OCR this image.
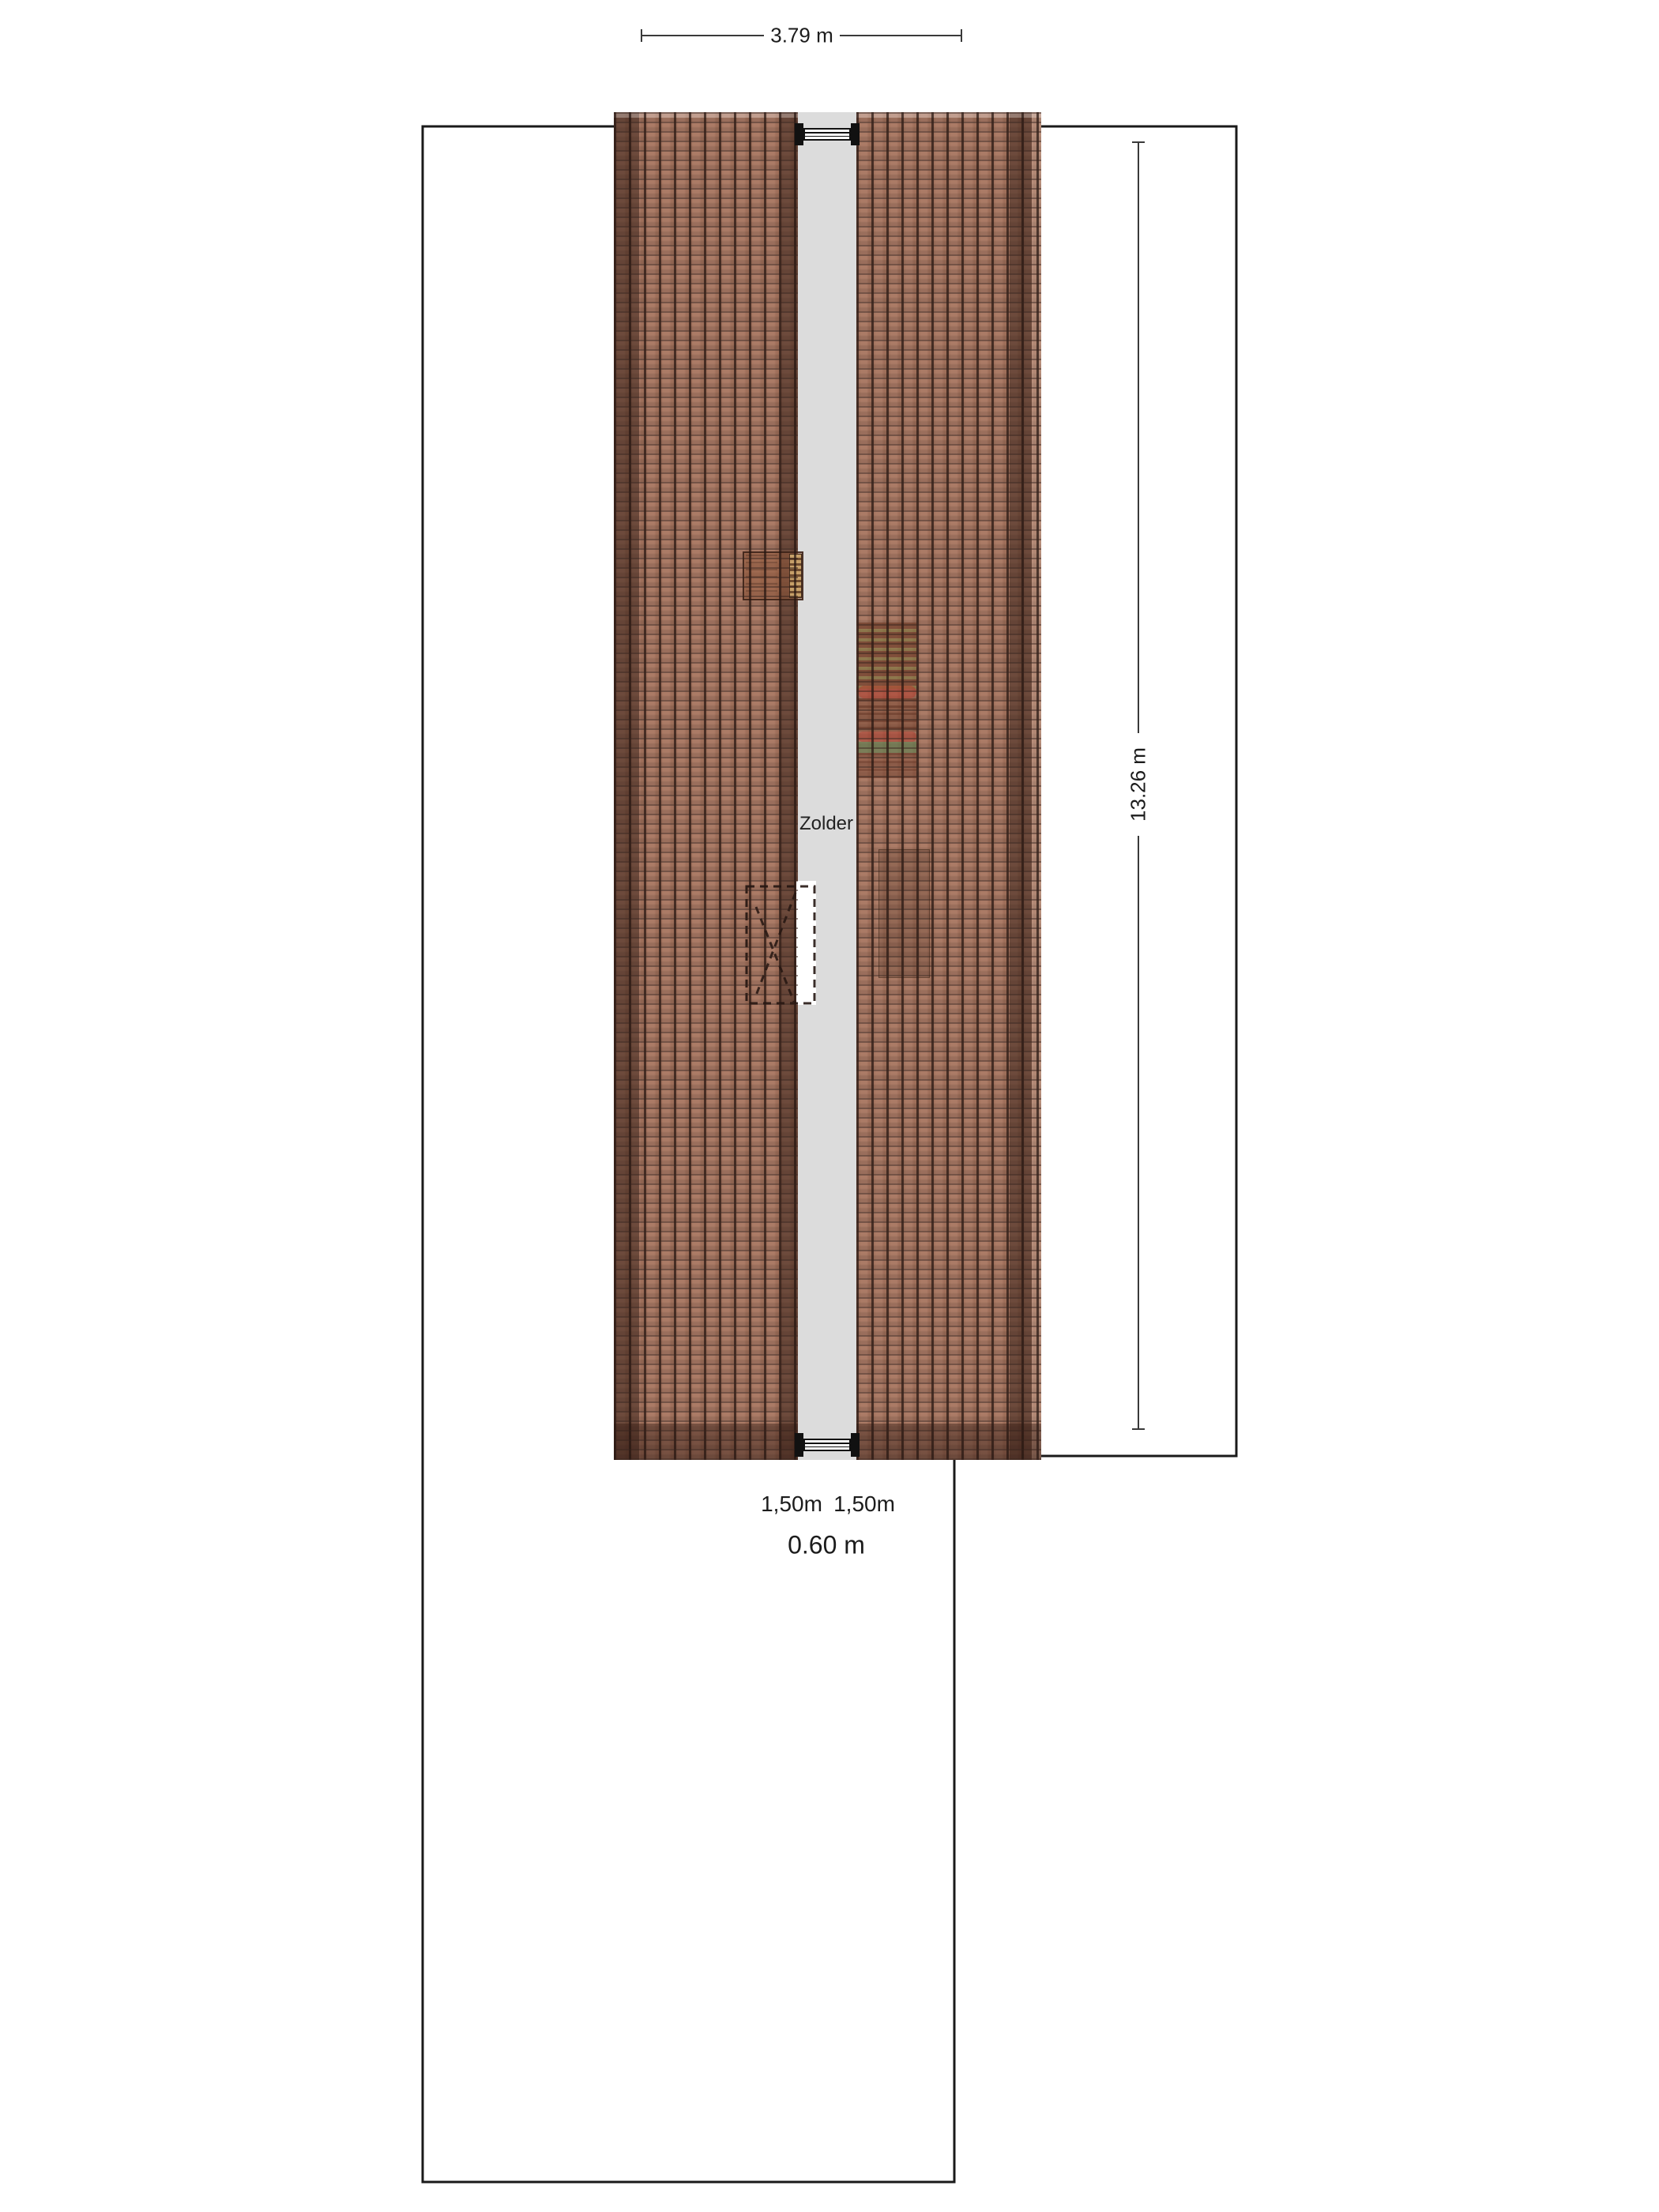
3.79 m
13.26 m
Zolder
1,50m 1,50m
0.60 m
